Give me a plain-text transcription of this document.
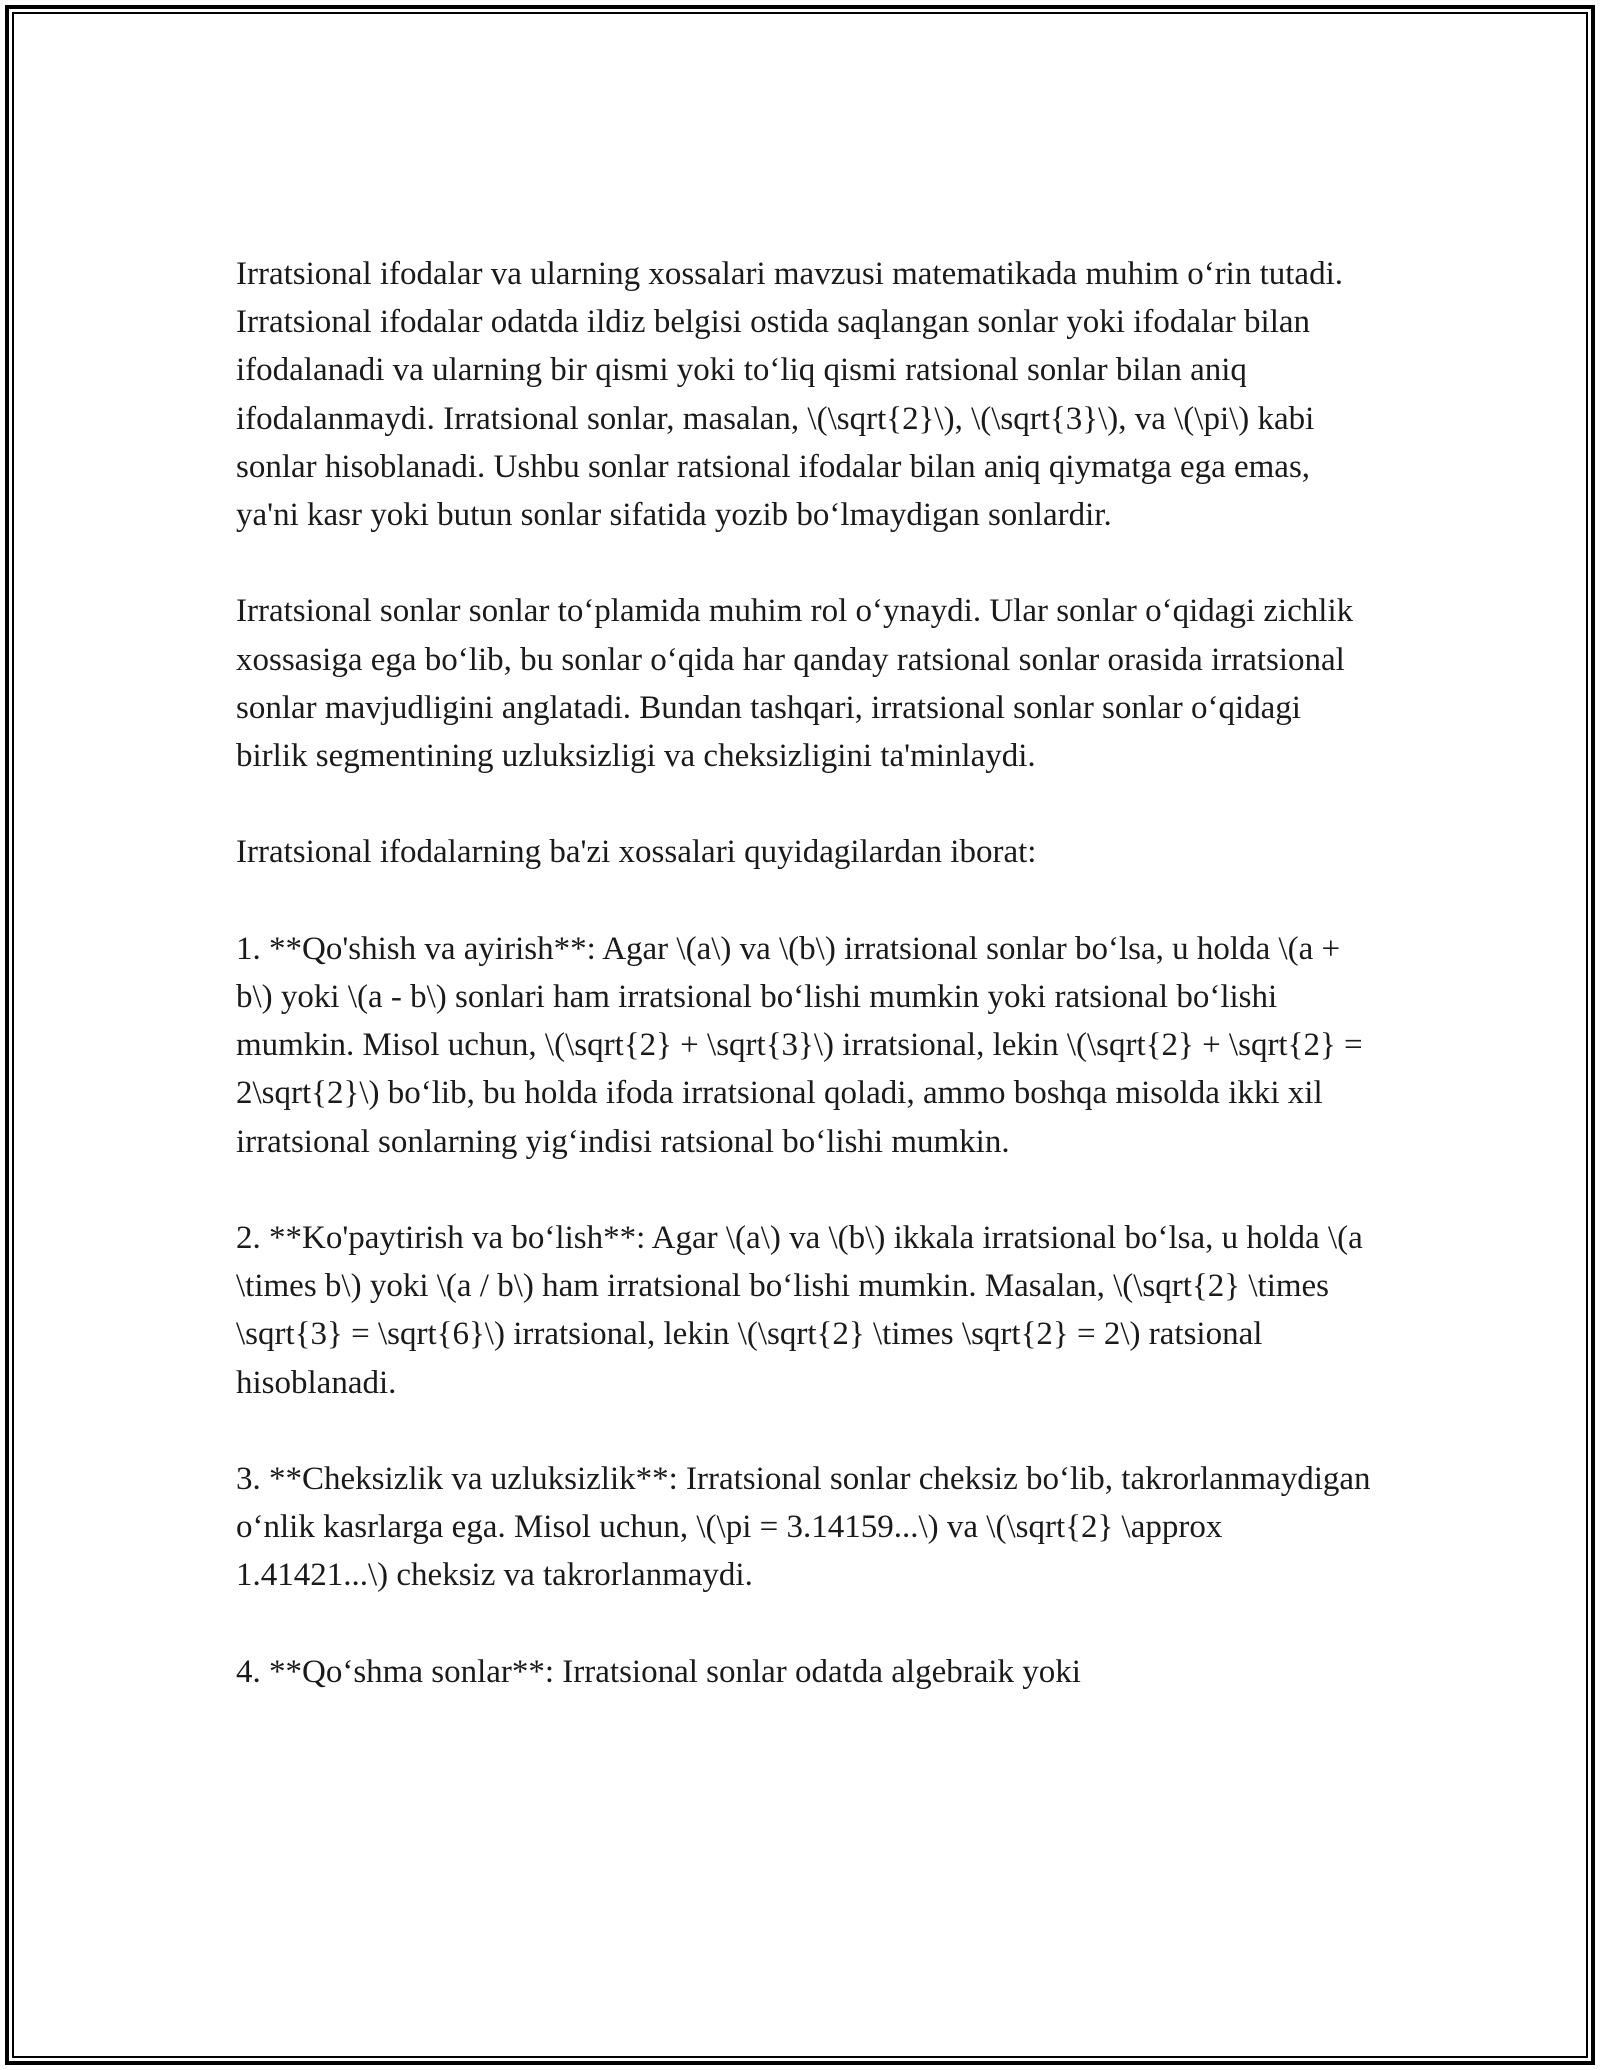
Irratsional ifodalar va ularning xossalari mavzusi matematikada muhim o‘rin tutadi. Irratsional ifodalar odatda ildiz belgisi ostida saqlangan sonlar yoki ifodalar bilan ifodalanadi va ularning bir qismi yoki to‘liq qismi ratsional sonlar bilan aniq ifodalanmaydi. Irratsional sonlar, masalan, \(\sqrt{2}\), \(\sqrt{3}\), va \(\pi\) kabi sonlar hisoblanadi. Ushbu sonlar ratsional ifodalar bilan aniq qiymatga ega emas, ya'ni kasr yoki butun sonlar sifatida yozib bo‘lmaydigan sonlardir.

Irratsional sonlar sonlar to‘plamida muhim rol o‘ynaydi. Ular sonlar o‘qidagi zichlik xossasiga ega bo‘lib, bu sonlar o‘qida har qanday ratsional sonlar orasida irratsional sonlar mavjudligini anglatadi. Bundan tashqari, irratsional sonlar sonlar o‘qidagi birlik segmentining uzluksizligi va cheksizligini ta'minlaydi.

Irratsional ifodalarning ba'zi xossalari quyidagilardan iborat:

1. **Qo'shish va ayirish**: Agar \(a\) va \(b\) irratsional sonlar bo‘lsa, u holda \(a + b\) yoki \(a - b\) sonlari ham irratsional bo‘lishi mumkin yoki ratsional bo‘lishi mumkin. Misol uchun, \(\sqrt{2} + \sqrt{3}\) irratsional, lekin \(\sqrt{2} + \sqrt{2} = 2\sqrt{2}\) bo‘lib, bu holda ifoda irratsional qoladi, ammo boshqa misolda ikki xil irratsional sonlarning yig‘indisi ratsional bo‘lishi mumkin.

2. **Ko'paytirish va bo‘lish**: Agar \(a\) va \(b\) ikkala irratsional bo‘lsa, u holda \(a \times b\) yoki \(a / b\) ham irratsional bo‘lishi mumkin. Masalan, \(\sqrt{2} \times \sqrt{3} = \sqrt{6}\) irratsional, lekin \(\sqrt{2} \times \sqrt{2} = 2\) ratsional hisoblanadi.

3. **Cheksizlik va uzluksizlik**: Irratsional sonlar cheksiz bo‘lib, takrorlanmaydigan o‘nlik kasrlarga ega. Misol uchun, \(\pi = 3.14159...\) va \(\sqrt{2} \approx 1.41421...\) cheksiz va takrorlanmaydi.

4. **Qo‘shma sonlar**: Irratsional sonlar odatda algebraik yoki
